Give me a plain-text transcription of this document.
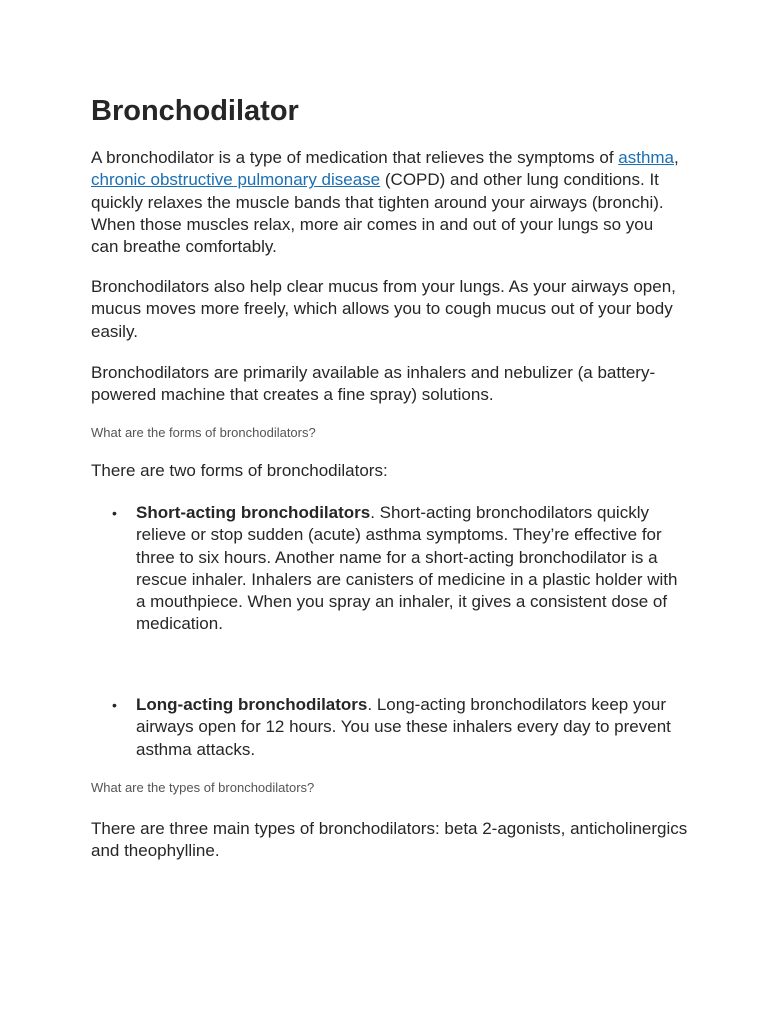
Bronchodilator

A bronchodilator is a type of medication that relieves the symptoms of asthma, chronic obstructive pulmonary disease (COPD) and other lung conditions. It quickly relaxes the muscle bands that tighten around your airways (bronchi). When those muscles relax, more air comes in and out of your lungs so you can breathe comfortably.

Bronchodilators also help clear mucus from your lungs. As your airways open, mucus moves more freely, which allows you to cough mucus out of your body easily.

Bronchodilators are primarily available as inhalers and nebulizer (a battery-powered machine that creates a fine spray) solutions.

What are the forms of bronchodilators?

There are two forms of bronchodilators:

• Short-acting bronchodilators. Short-acting bronchodilators quickly relieve or stop sudden (acute) asthma symptoms. They’re effective for three to six hours. Another name for a short-acting bronchodilator is a rescue inhaler. Inhalers are canisters of medicine in a plastic holder with a mouthpiece. When you spray an inhaler, it gives a consistent dose of medication.
• Long-acting bronchodilators. Long-acting bronchodilators keep your airways open for 12 hours. You use these inhalers every day to prevent asthma attacks.

What are the types of bronchodilators?

There are three main types of bronchodilators: beta 2-agonists, anticholinergics and theophylline.
